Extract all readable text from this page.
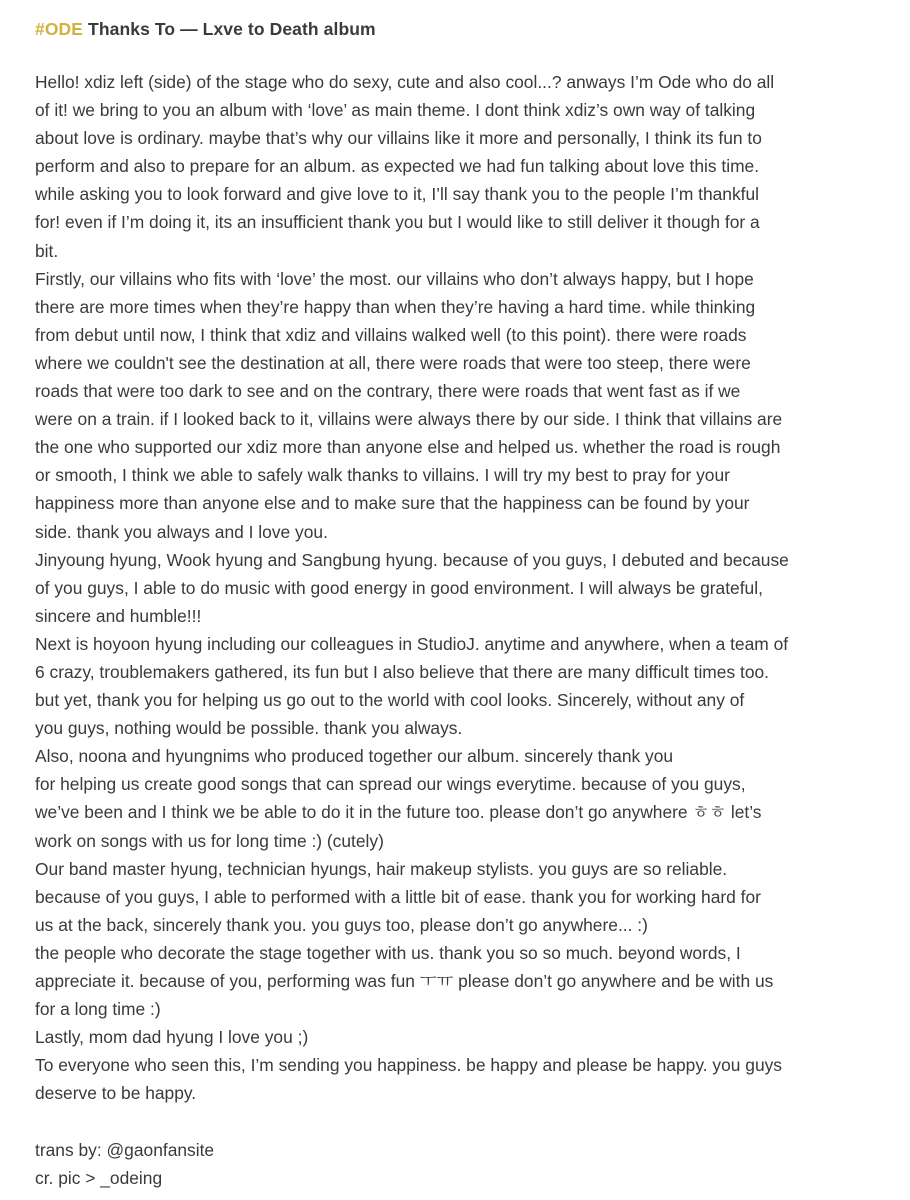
#ODE Thanks To — Lxve to Death album

Hello! xdiz left (side) of the stage who do sexy, cute and also cool...? anways I’m Ode who do all
of it! we bring to you an album with ‘love’ as main theme. I dont think xdiz’s own way of talking
about love is ordinary. maybe that’s why our villains like it more and personally, I think its fun to
perform and also to prepare for an album. as expected we had fun talking about love this time.
while asking you to look forward and give love to it, I’ll say thank you to the people I’m thankful
for! even if I’m doing it, its an insufficient thank you but I would like to still deliver it though for a
bit.

Firstly, our villains who fits with ‘love’ the most. our villains who don’t always happy, but I hope
there are more times when they’re happy than when they’re having a hard time. while thinking
from debut until now, I think that xdiz and villains walked well (to this point). there were roads
where we couldn't see the destination at all, there were roads that were too steep, there were
roads that were too dark to see and on the contrary, there were roads that went fast as if we
were on a train. if I looked back to it, villains were always there by our side. I think that villains are
the one who supported our xdiz more than anyone else and helped us. whether the road is rough
or smooth, I think we able to safely walk thanks to villains. I will try my best to pray for your
happiness more than anyone else and to make sure that the happiness can be found by your
side. thank you always and I love you.

Jinyoung hyung, Wook hyung and Sangbung hyung. because of you guys, I debuted and because
of you guys, I able to do music with good energy in good environment. I will always be grateful,
sincere and humble!!!

Next is hoyoon hyung including our colleagues in StudioJ. anytime and anywhere, when a team of
6 crazy, troublemakers gathered, its fun but I also believe that there are many difficult times too.
but yet, thank you for helping us go out to the world with cool looks. Sincerely, without any of
you guys, nothing would be possible. thank you always.

Also, noona and hyungnims who produced together our album. sincerely thank you
for helping us create good songs that can spread our wings everytime. because of you guys,
we’ve been and I think we be able to do it in the future too. please don’t go anywhere ㅎㅎ let’s
work on songs with us for long time :) (cutely)

Our band master hyung, technician hyungs, hair makeup stylists. you guys are so reliable.
because of you guys, I able to performed with a little bit of ease. thank you for working hard for
us at the back, sincerely thank you. you guys too, please don’t go anywhere... :)

the people who decorate the stage together with us. thank you so so much. beyond words, I
appreciate it. because of you, performing was fun ㅜㅠ please don’t go anywhere and be with us
for a long time :)

Lastly, mom dad hyung I love you ;)

To everyone who seen this, I’m sending you happiness. be happy and please be happy. you guys
deserve to be happy.

trans by: @gaonfansite
cr. pic > _odeing
